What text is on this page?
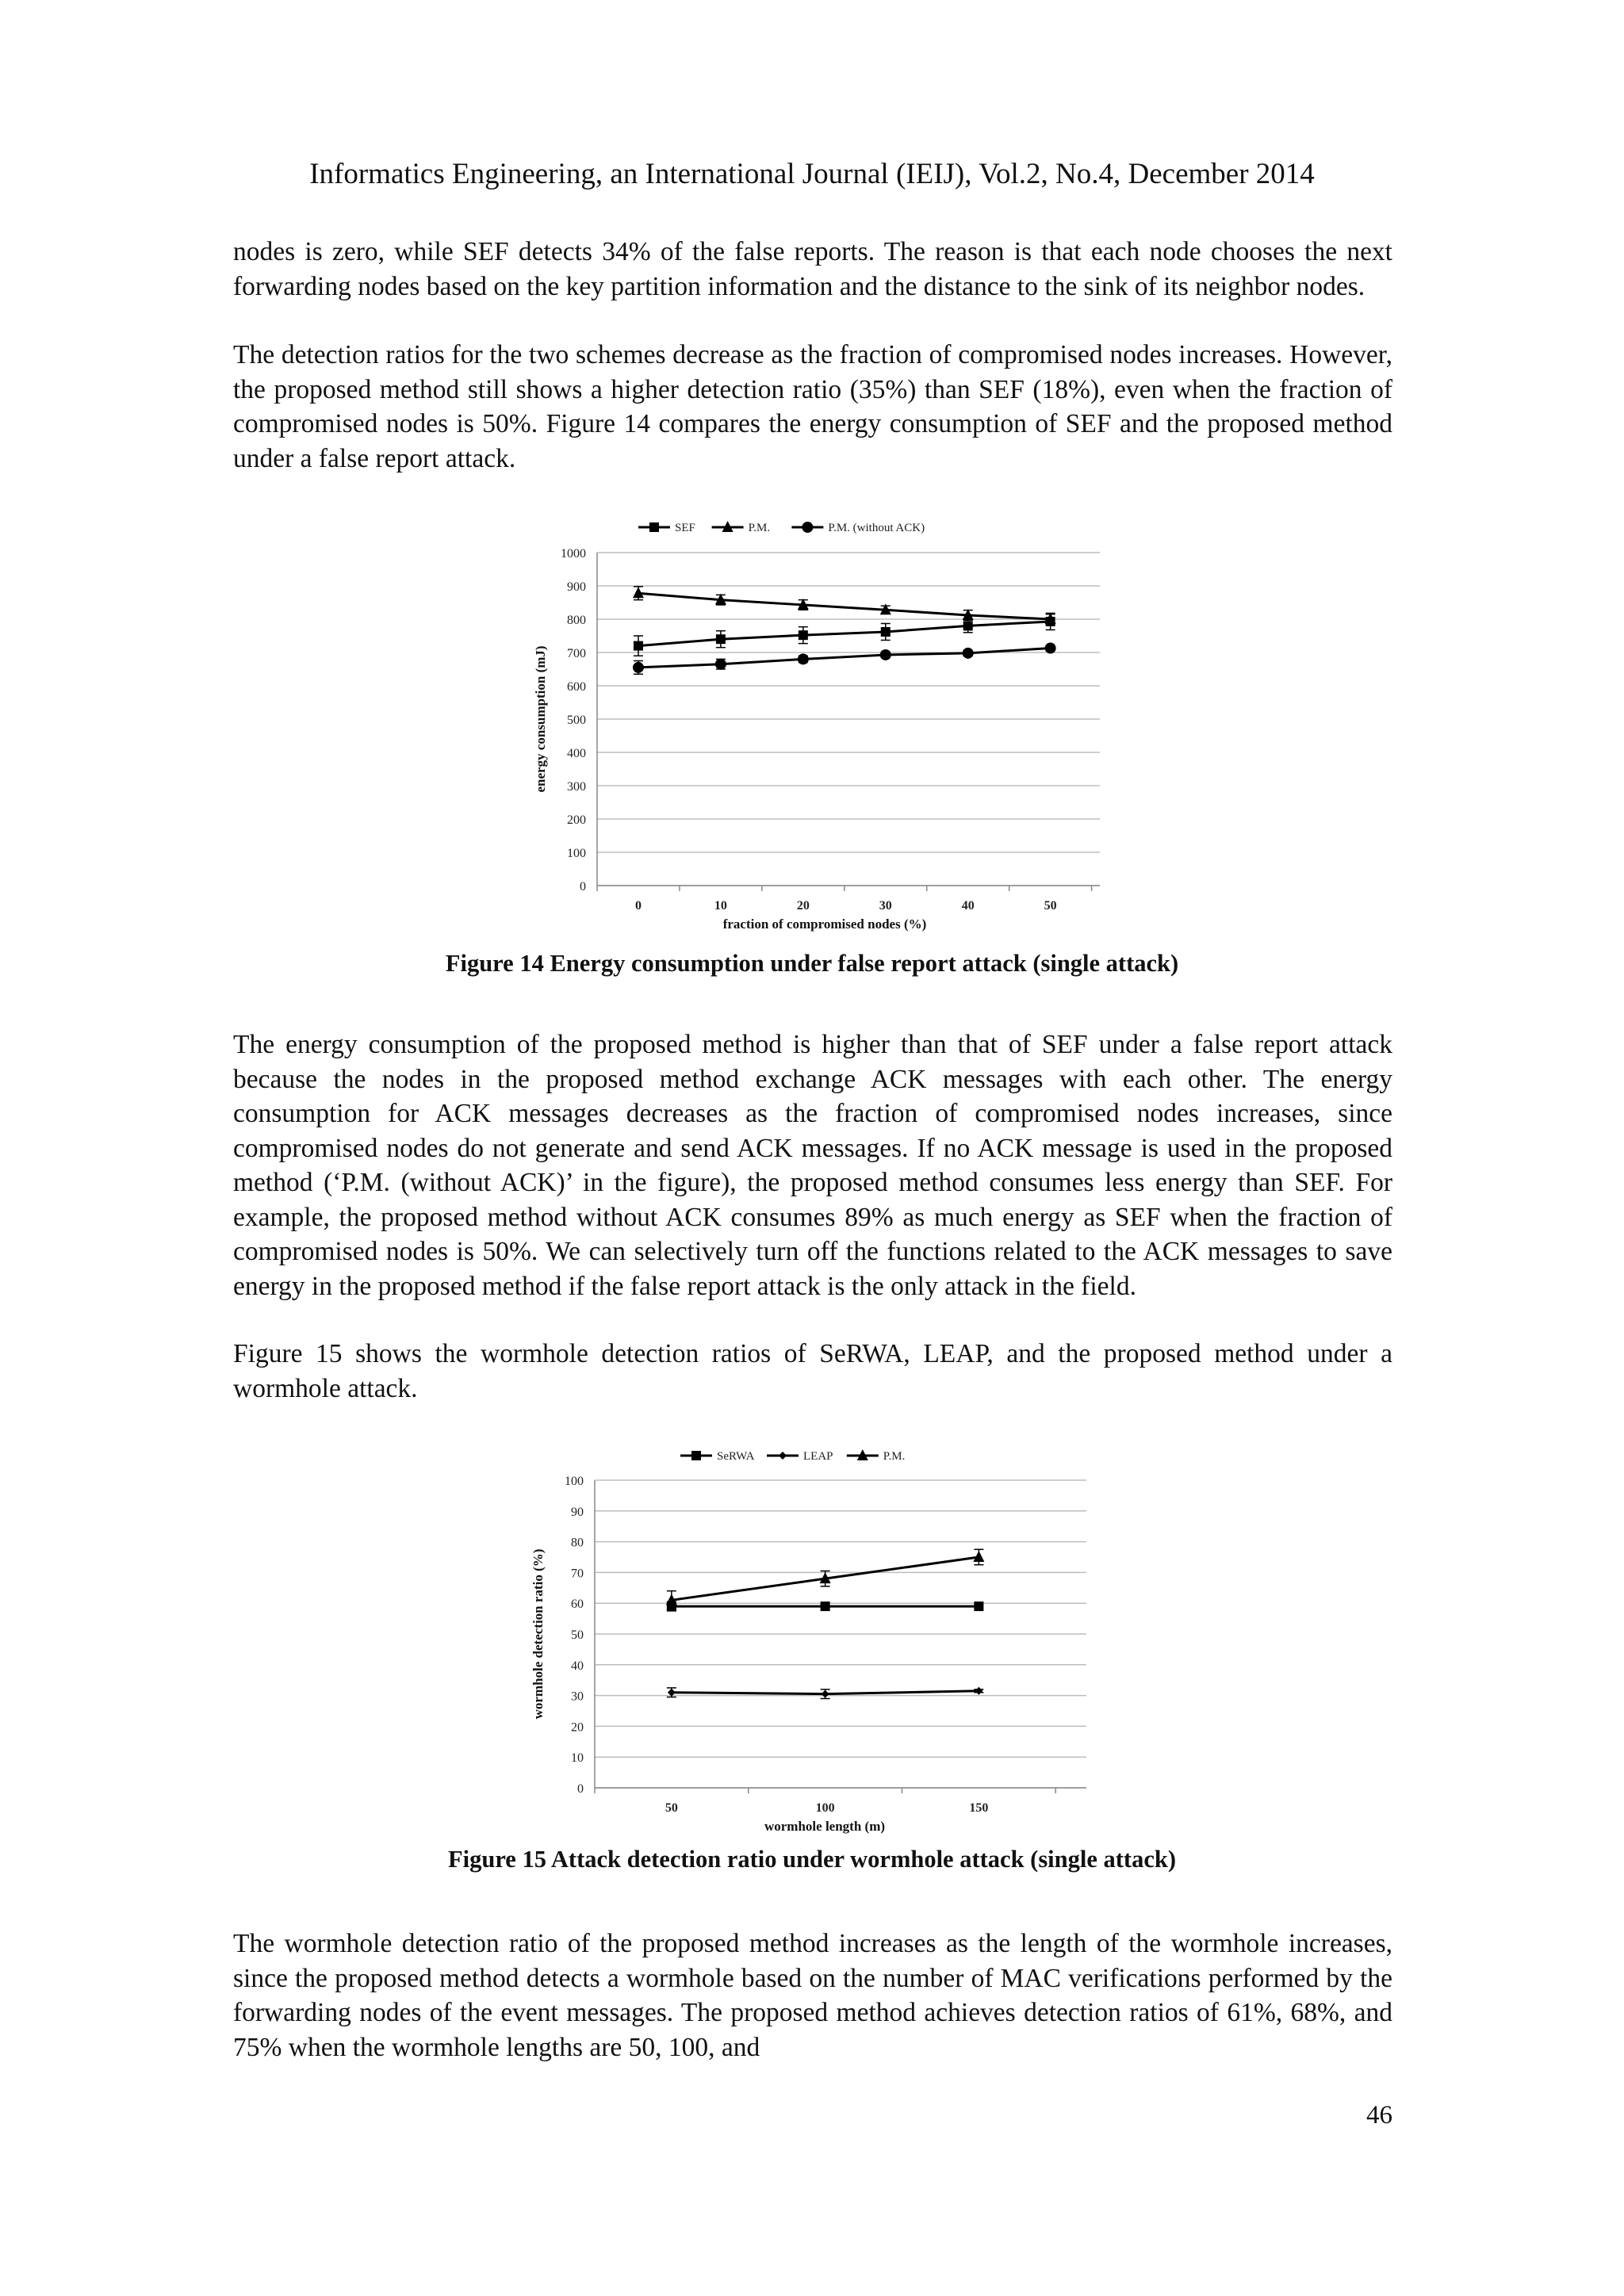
Informatics Engineering, an International Journal (IEIJ), Vol.2, No.4, December 2014

nodes is zero, while SEF detects 34% of the false reports. The reason is that each node chooses the next forwarding nodes based on the key partition information and the distance to the sink of its neighbor nodes.

The detection ratios for the two schemes decrease as the fraction of compromised nodes increases. However, the proposed method still shows a higher detection ratio (35%) than SEF (18%), even when the fraction of compromised nodes is 50%. Figure 14 compares the energy consumption of SEF and the proposed method under a false report attack.

0
100
200
300
400
500
600
700
800
900
1000
0	10	20	30	40	50
fraction of compromised nodes (%)
energy consumption (mJ)
SEF	P.M.	P.M. (without ACK)
Figure 14 Energy consumption under false report attack (single attack)

The energy consumption of the proposed method is higher than that of SEF under a false report attack because the nodes in the proposed method exchange ACK messages with each other. The energy consumption for ACK messages decreases as the fraction of compromised nodes increases, since compromised nodes do not generate and send ACK messages. If no ACK message is used in the proposed method (‘P.M. (without ACK)’ in the figure), the proposed method consumes less energy than SEF. For example, the proposed method without ACK consumes 89% as much energy as SEF when the fraction of compromised nodes is 50%. We can selectively turn off the functions related to the ACK messages to save energy in the proposed method if the false report attack is the only attack in the field.

Figure 15 shows the wormhole detection ratios of SeRWA, LEAP, and the proposed method under a wormhole attack.

0
10
20
30
40
50
60
70
80
90
100
50	100	150
wormhole length (m)
wormhole detection ratio (%)
SeRWA	LEAP	P.M.
Figure 15 Attack detection ratio under wormhole attack (single attack)

The wormhole detection ratio of the proposed method increases as the length of the wormhole increases, since the proposed method detects a wormhole based on the number of MAC verifications performed by the forwarding nodes of the event messages. The proposed method achieves detection ratios of 61%, 68%, and 75% when the wormhole lengths are 50, 100, and

46
